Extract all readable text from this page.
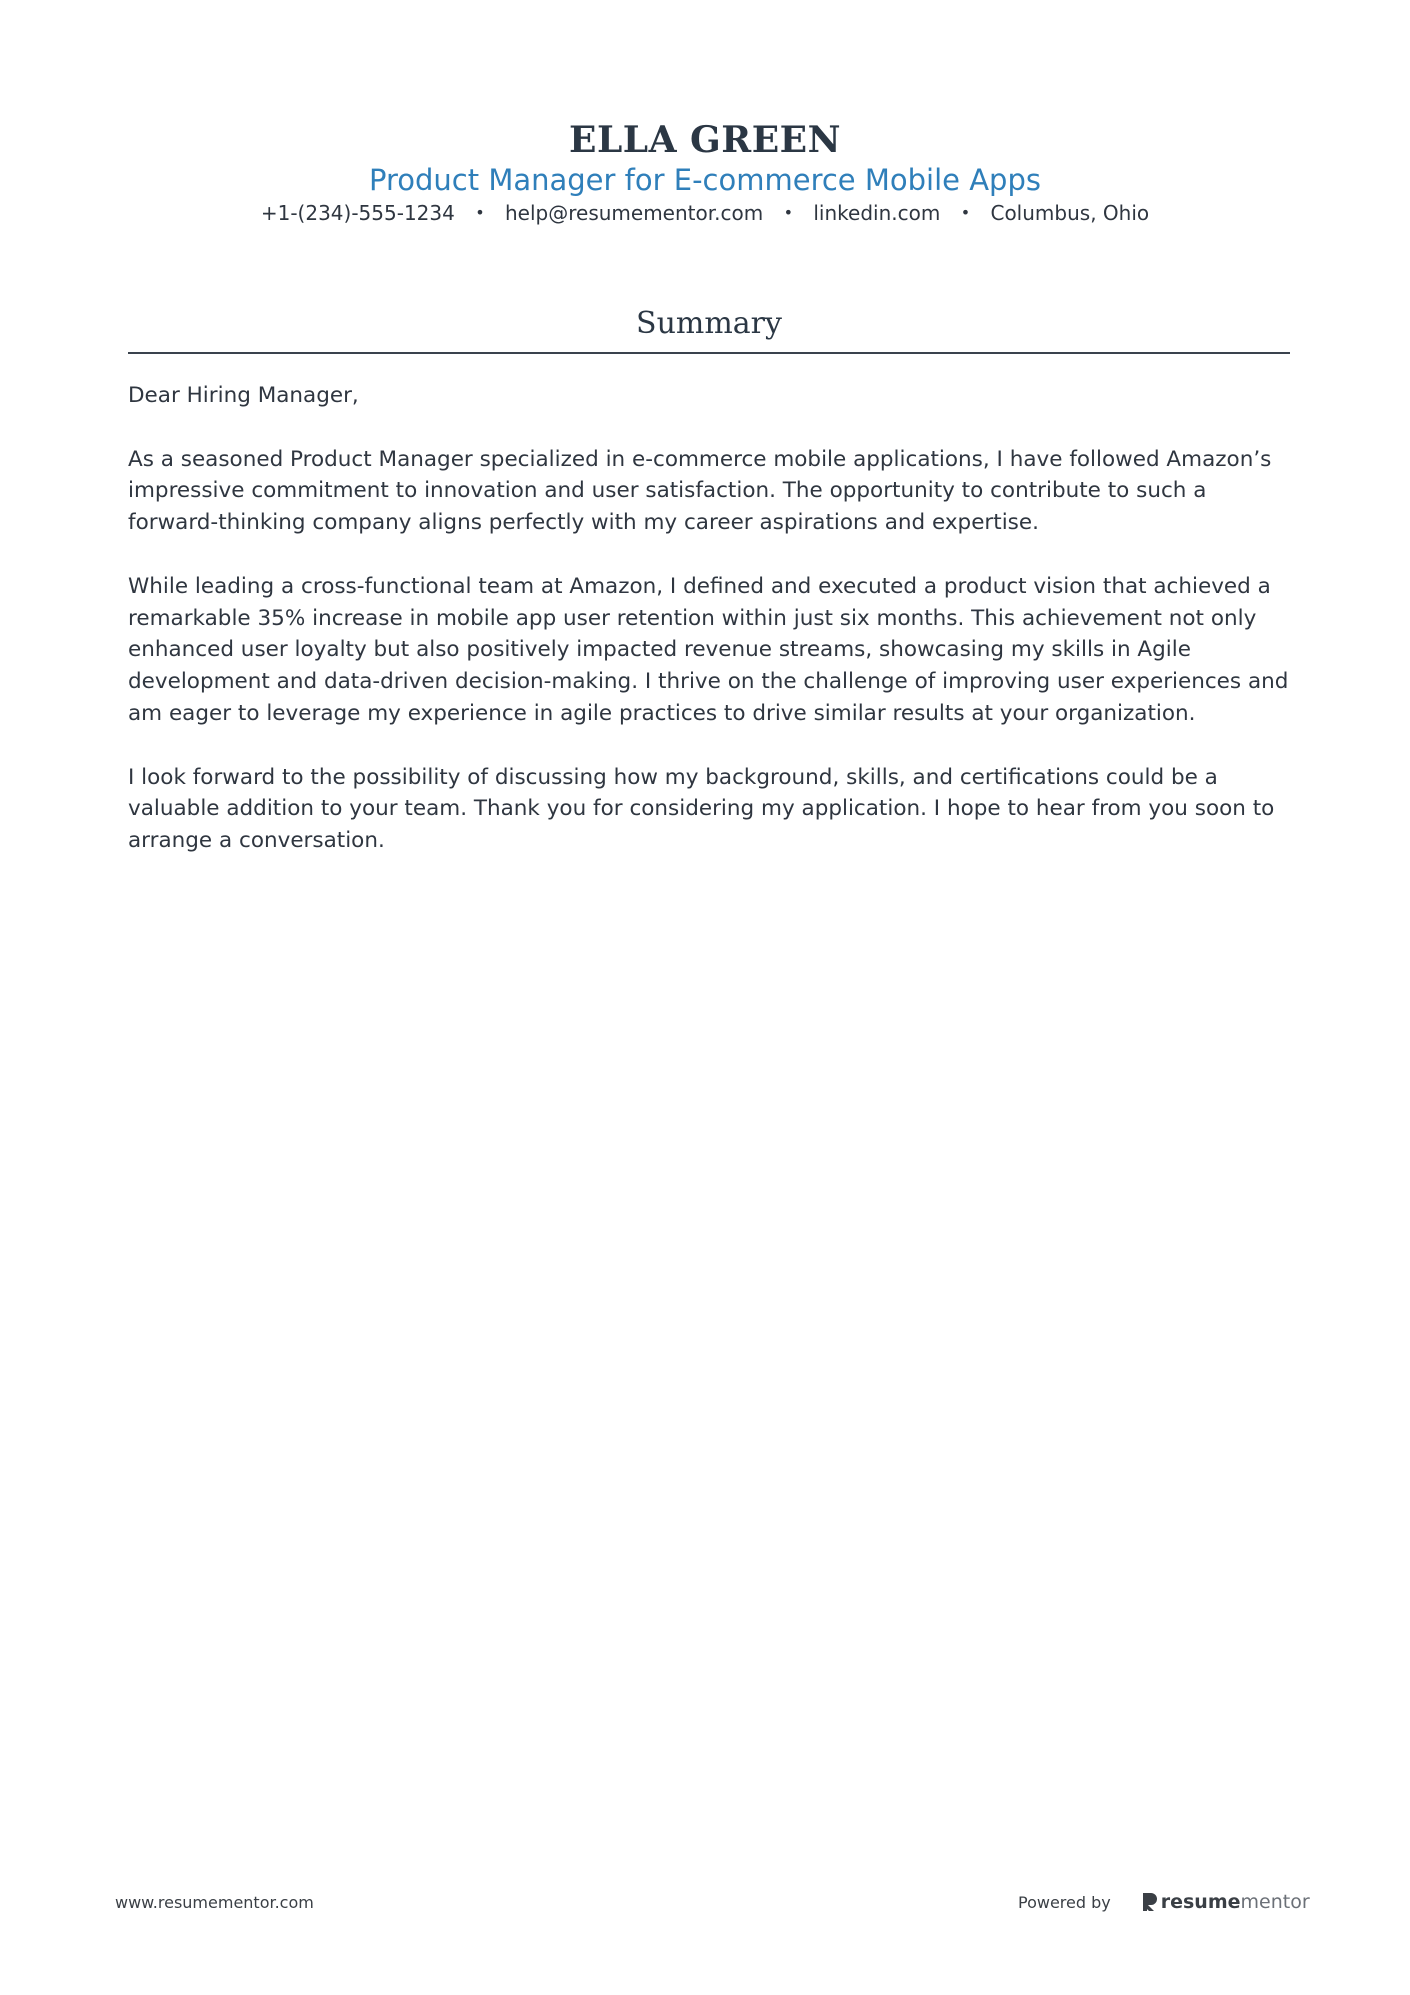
ELLA GREEN
Product Manager for E-commerce Mobile Apps
+1-(234)-555-1234 • help@resumementor.com • linkedin.com • Columbus, Ohio
Summary

Dear Hiring Manager,

As a seasoned Product Manager specialized in e-commerce mobile applications, I have followed Amazon’s impressive commitment to innovation and user satisfaction. The opportunity to contribute to such a forward-thinking company aligns perfectly with my career aspirations and expertise.

While leading a cross-functional team at Amazon, I defined and executed a product vision that achieved a remarkable 35% increase in mobile app user retention within just six months. This achievement not only enhanced user loyalty but also positively impacted revenue streams, showcasing my skills in Agile development and data-driven decision-making. I thrive on the challenge of improving user experiences and am eager to leverage my experience in agile practices to drive similar results at your organization.

I look forward to the possibility of discussing how my background, skills, and certifications could be a valuable addition to your team. Thank you for considering my application. I hope to hear from you soon to arrange a conversation.

www.resumementor.com	Powered by	resume mentor
